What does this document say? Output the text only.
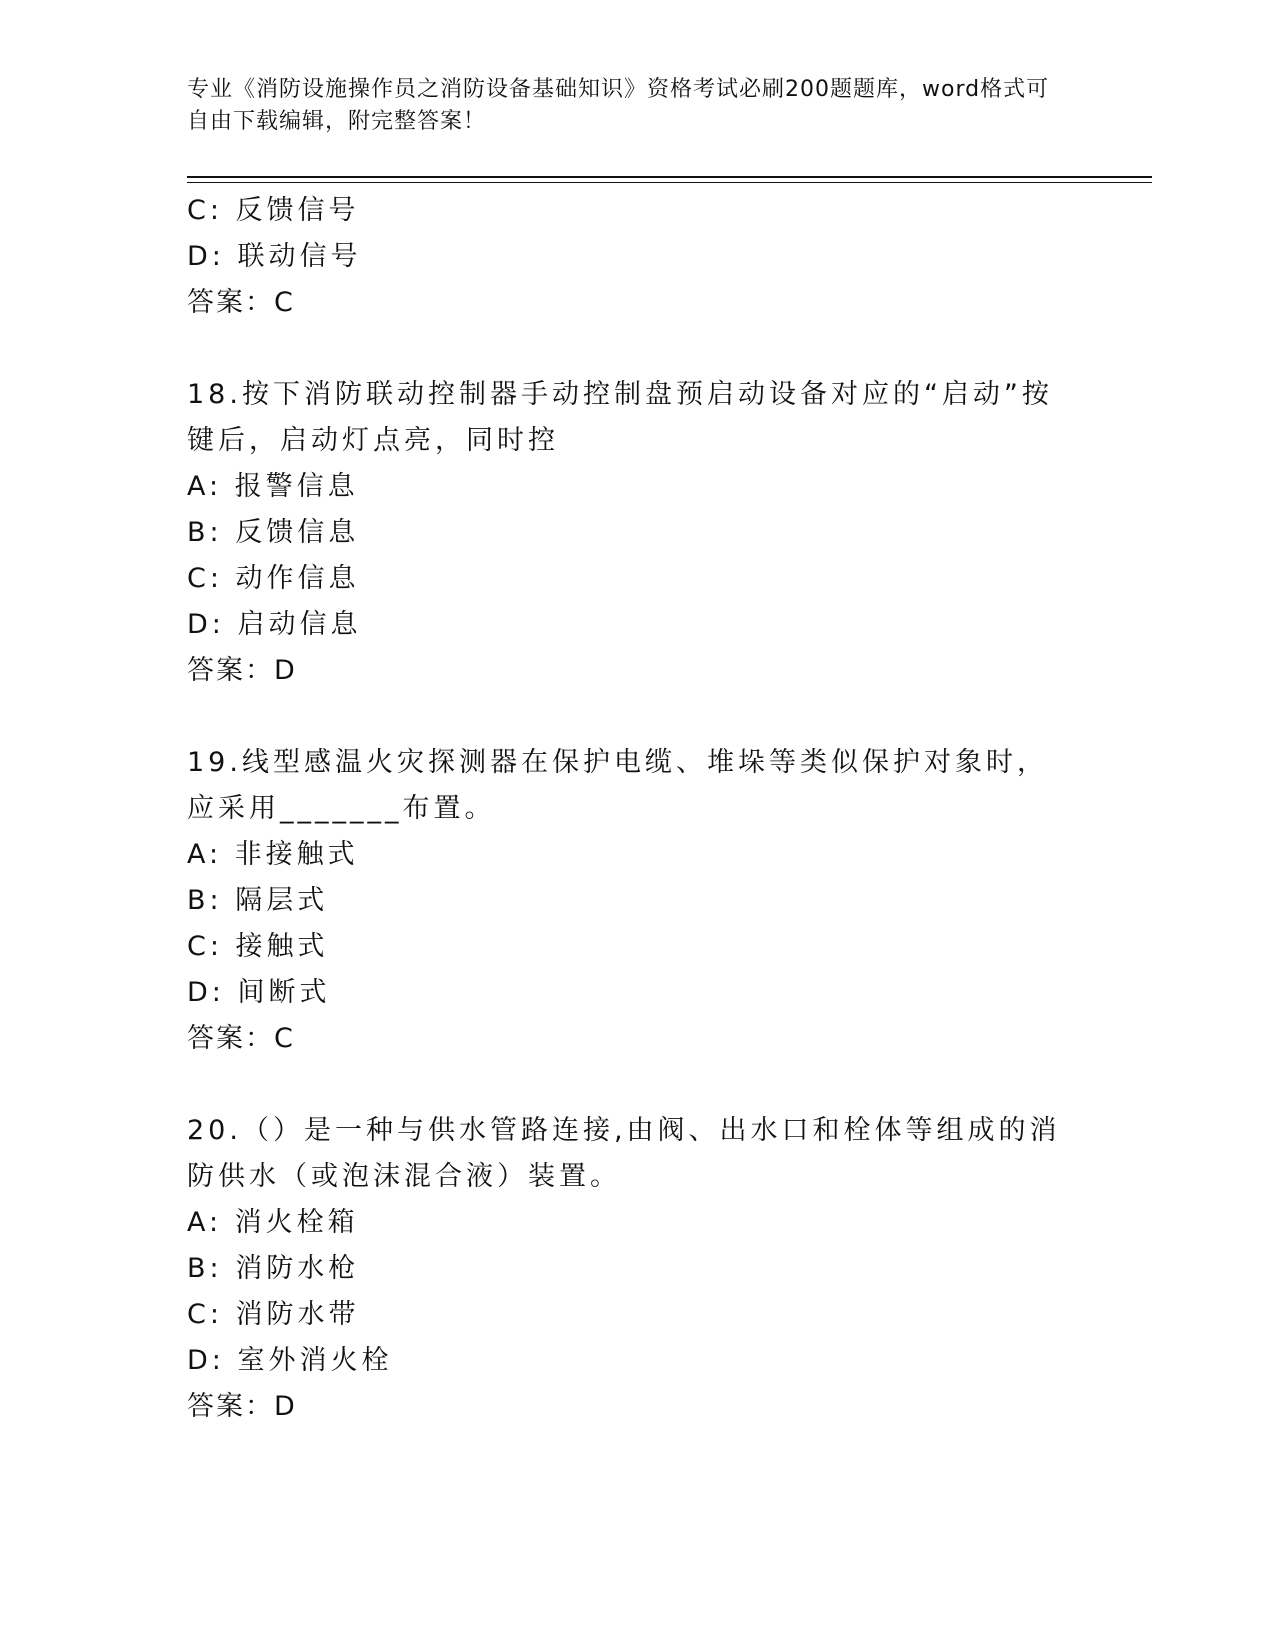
专业《消防设施操作员之消防设备基础知识》资格考试必刷200题题库，word格式可自由下载编辑，附完整答案！
C: 反馈信号
D: 联动信号
答案：C
18.按下消防联动控制器手动控制盘预启动设备对应的“启动”按键后，启动灯点亮，同时控
A: 报警信息
B: 反馈信息
C: 动作信息
D: 启动信息
答案：D
19.线型感温火灾探测器在保护电缆、堆垛等类似保护对象时，应采用_______布置。
A: 非接触式
B: 隔层式
C: 接触式
D: 间断式
答案：C
20.（）是一种与供水管路连接,由阀、出水口和栓体等组成的消防供水（或泡沫混合液）装置。
A: 消火栓箱
B: 消防水枪
C: 消防水带
D: 室外消火栓
答案：D
